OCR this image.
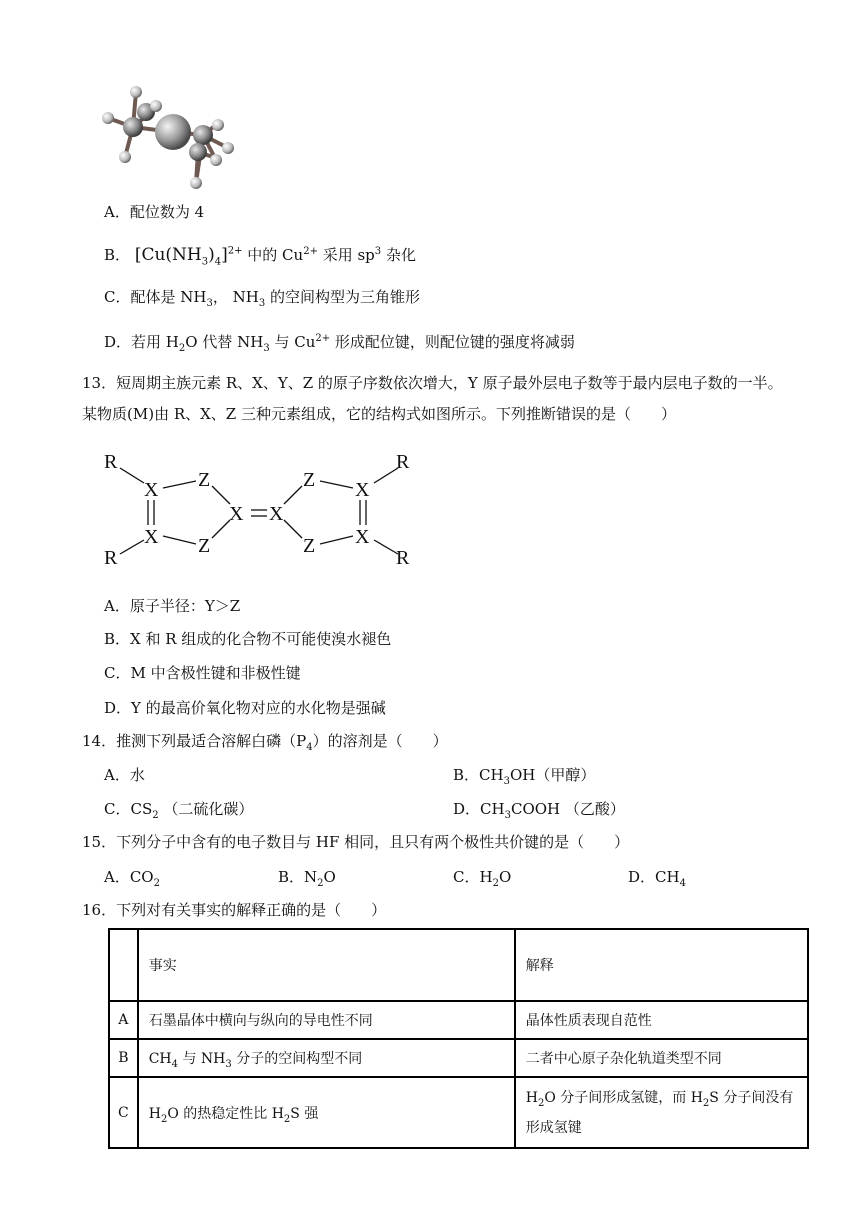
A．配位数为 4
B． $[Cu(NH_3)_4]^{2+}$ 中的 $Cu^{2+}$ 采用 $sp^3$ 杂化
C．配体是 $NH_3$， $NH_3$ 的空间构型为三角锥形
D．若用 $H_2O$ 代替 $NH_3$ 与 $Cu^{2+}$ 形成配位键，则配位键的强度将减弱
13．短周期主族元素 R、X、Y、Z 的原子序数依次增大，Y 原子最外层电子数等于最内层电子数的一半。
某物质(M)由 R、X、Z 三种元素组成，它的结构式如图所示。下列推断错误的是（　　）
R
R
X
X
Z
Z
X X
Z
Z
X
X
R
R
A．原子半径：Y＞Z
B．X 和 R 组成的化合物不可能使溴水褪色
C．M 中含极性键和非极性键
D．Y 的最高价氧化物对应的水化物是强碱
14．推测下列最适合溶解白磷$(P_4)$的溶剂是（　　）
A．水	B．$CH_3OH$（甲醇）
C．$CS_2$ （二硫化碳）	D．$CH_3COOH$ （乙酸）
15．下列分子中含有的电子数目与 HF 相同，且只有两个极性共价键的是（　　）
A．$CO_2$	B．$N_2O$	C．$H_2O$	D．$CH_4$
16．下列对有关事实的解释正确的是（　　）
	事实	解释
A	石墨晶体中横向与纵向的导电性不同	晶体性质表现自范性
B	$CH_4$ 与 $NH_3$ 分子的空间构型不同	二者中心原子杂化轨道类型不同
C	$H_2O$ 的热稳定性比 $H_2S$ 强	$H_2O$ 分子间形成氢键，而 $H_2S$ 分子间没有形成氢键
